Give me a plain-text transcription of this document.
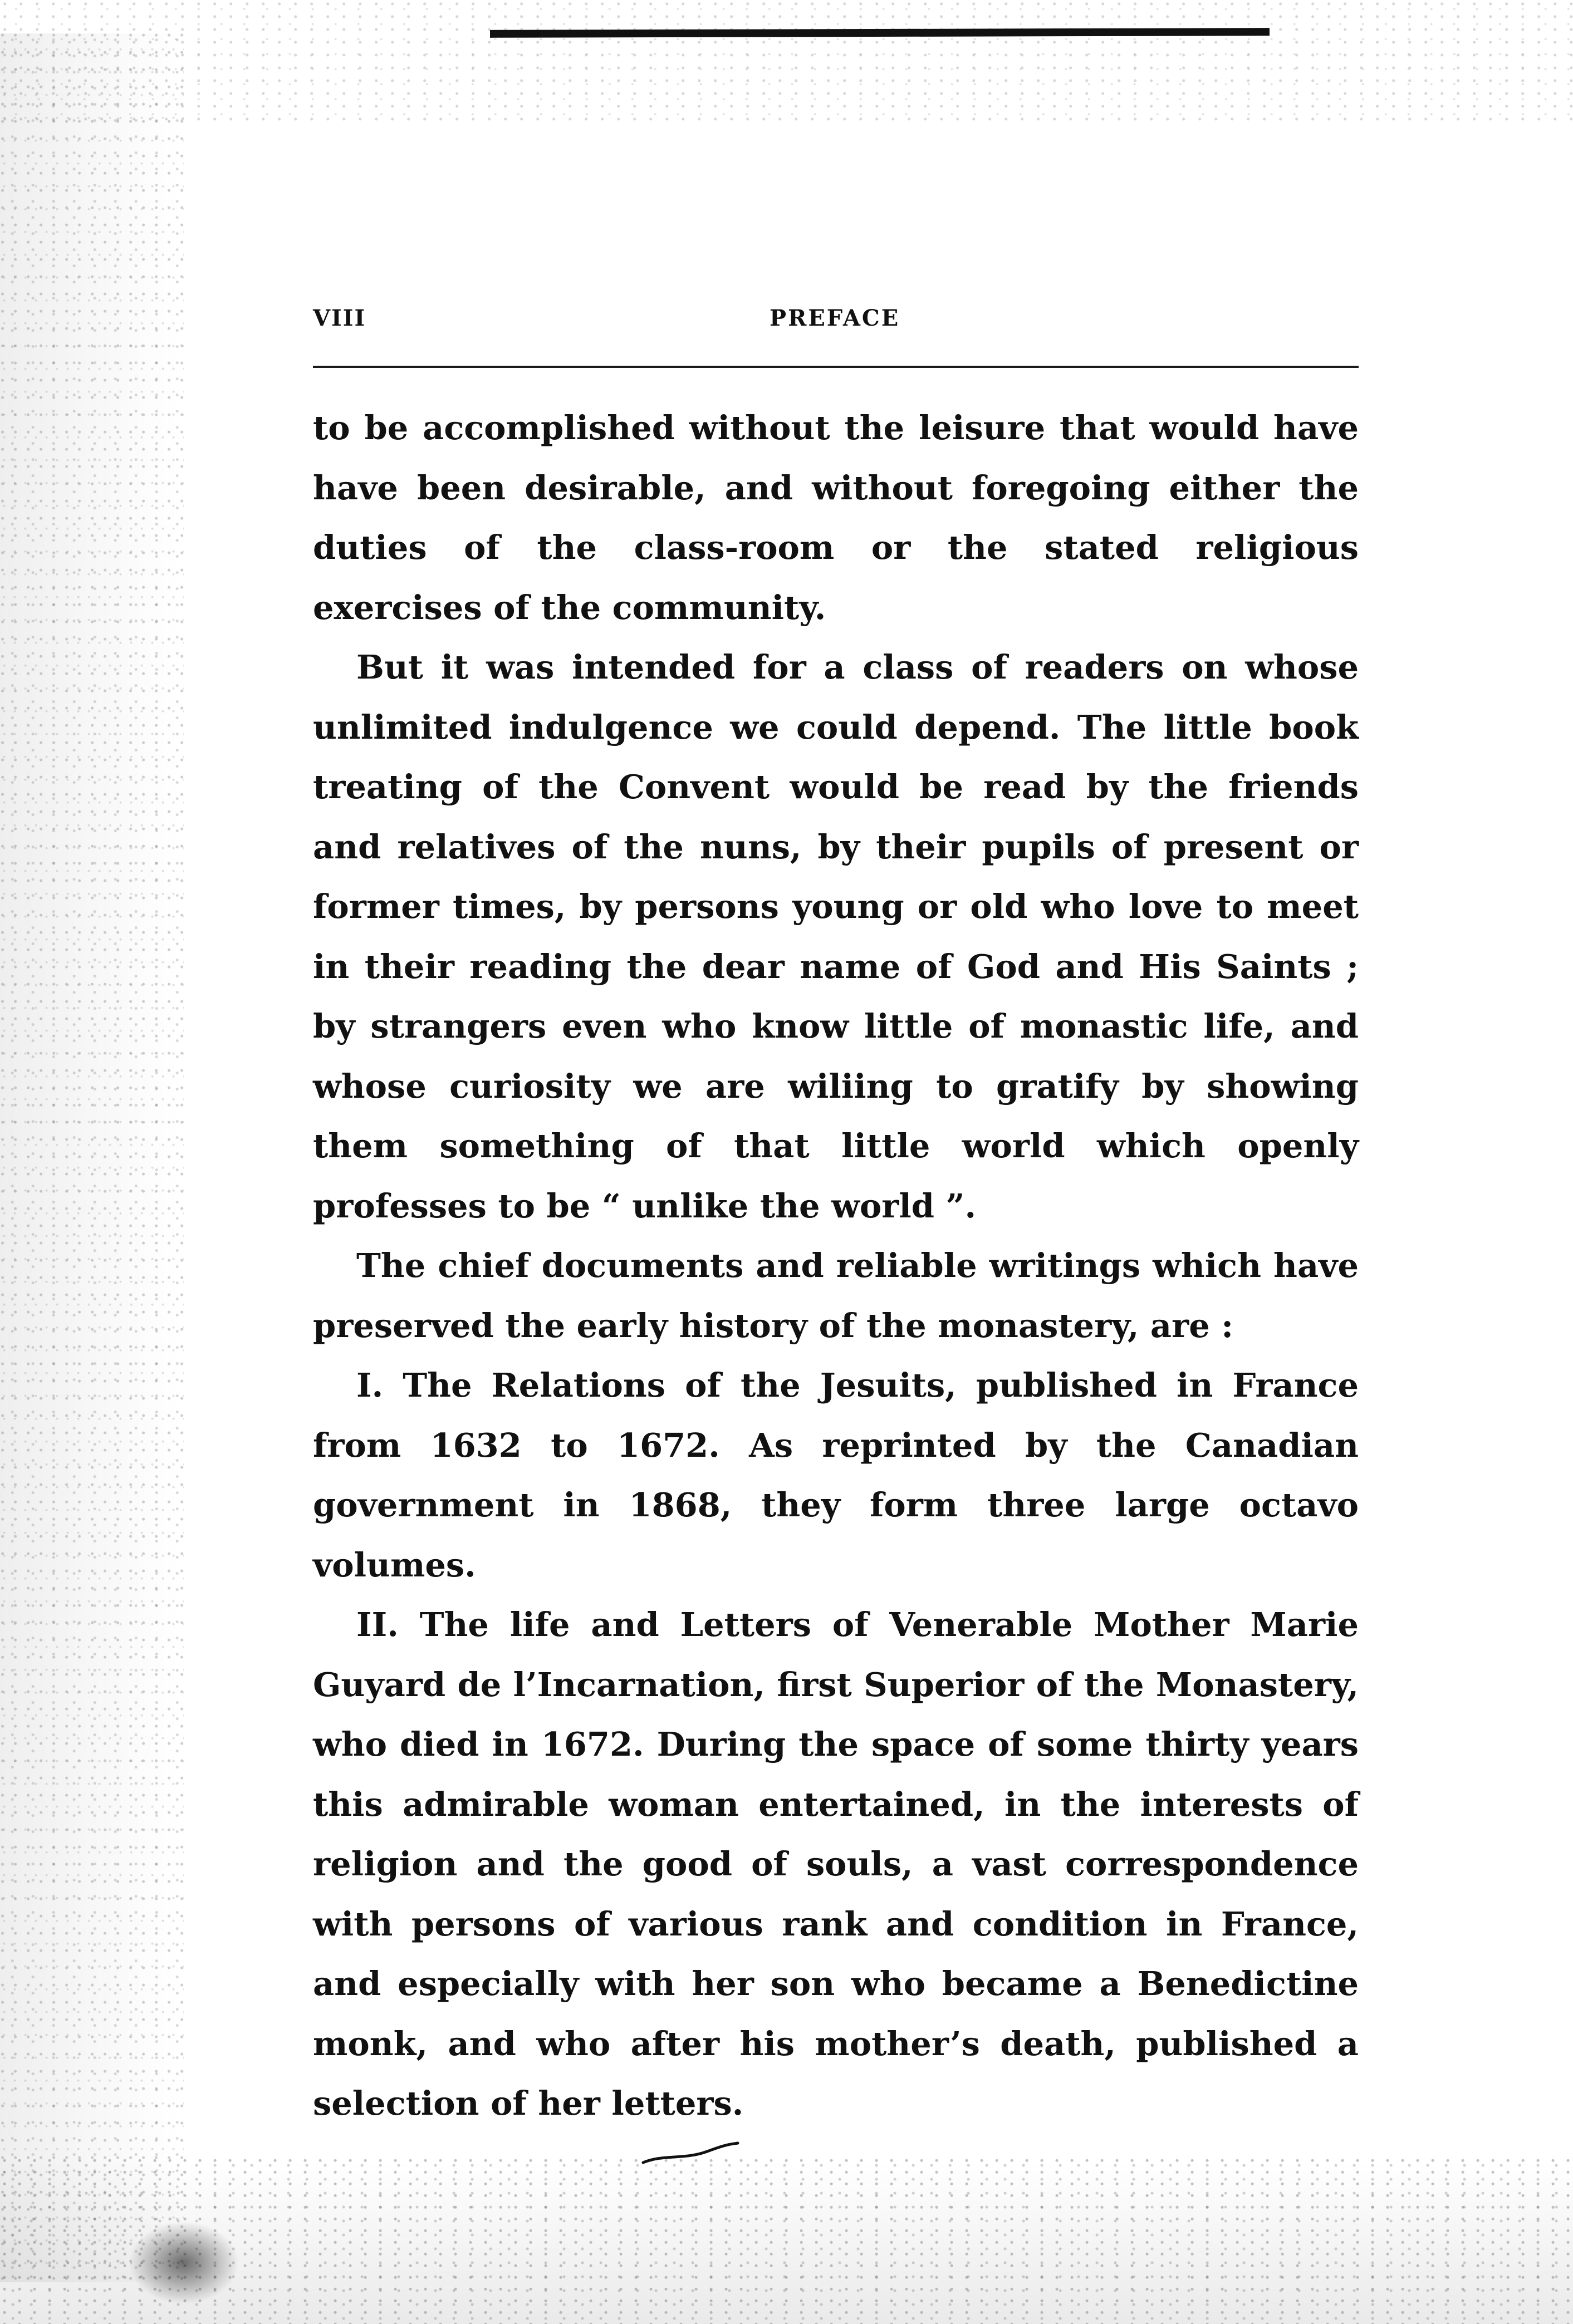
VIII	PREFACE

to be accomplished without the leisure that would have have been desirable, and without foregoing either the duties of the class-room or the stated religious exercises of the community.

But it was intended for a class of readers on whose unlimited indulgence we could depend. The little book treating of the Convent would be read by the friends and relatives of the nuns, by their pupils of present or former times, by persons young or old who love to meet in their reading the dear name of God and His Saints ; by strangers even who know little of monastic life, and whose curiosity we are wiliing to gratify by showing them something of that little world which openly professes to be “ unlike the world ”.

The chief documents and reliable writings which have preserved the early history of the monastery, are :

I. The Relations of the Jesuits, published in France from 1632 to 1672. As reprinted by the Canadian government in 1868, they form three large octavo volumes.

II. The life and Letters of Venerable Mother Marie Guyard de l’Incarnation, first Superior of the Monastery, who died in 1672. During the space of some thirty years this admirable woman entertained, in the interests of religion and the good of souls, a vast correspondence with persons of various rank and condition in France, and especially with her son who became a Benedictine monk, and who after his mother’s death, published a selection of her letters.
